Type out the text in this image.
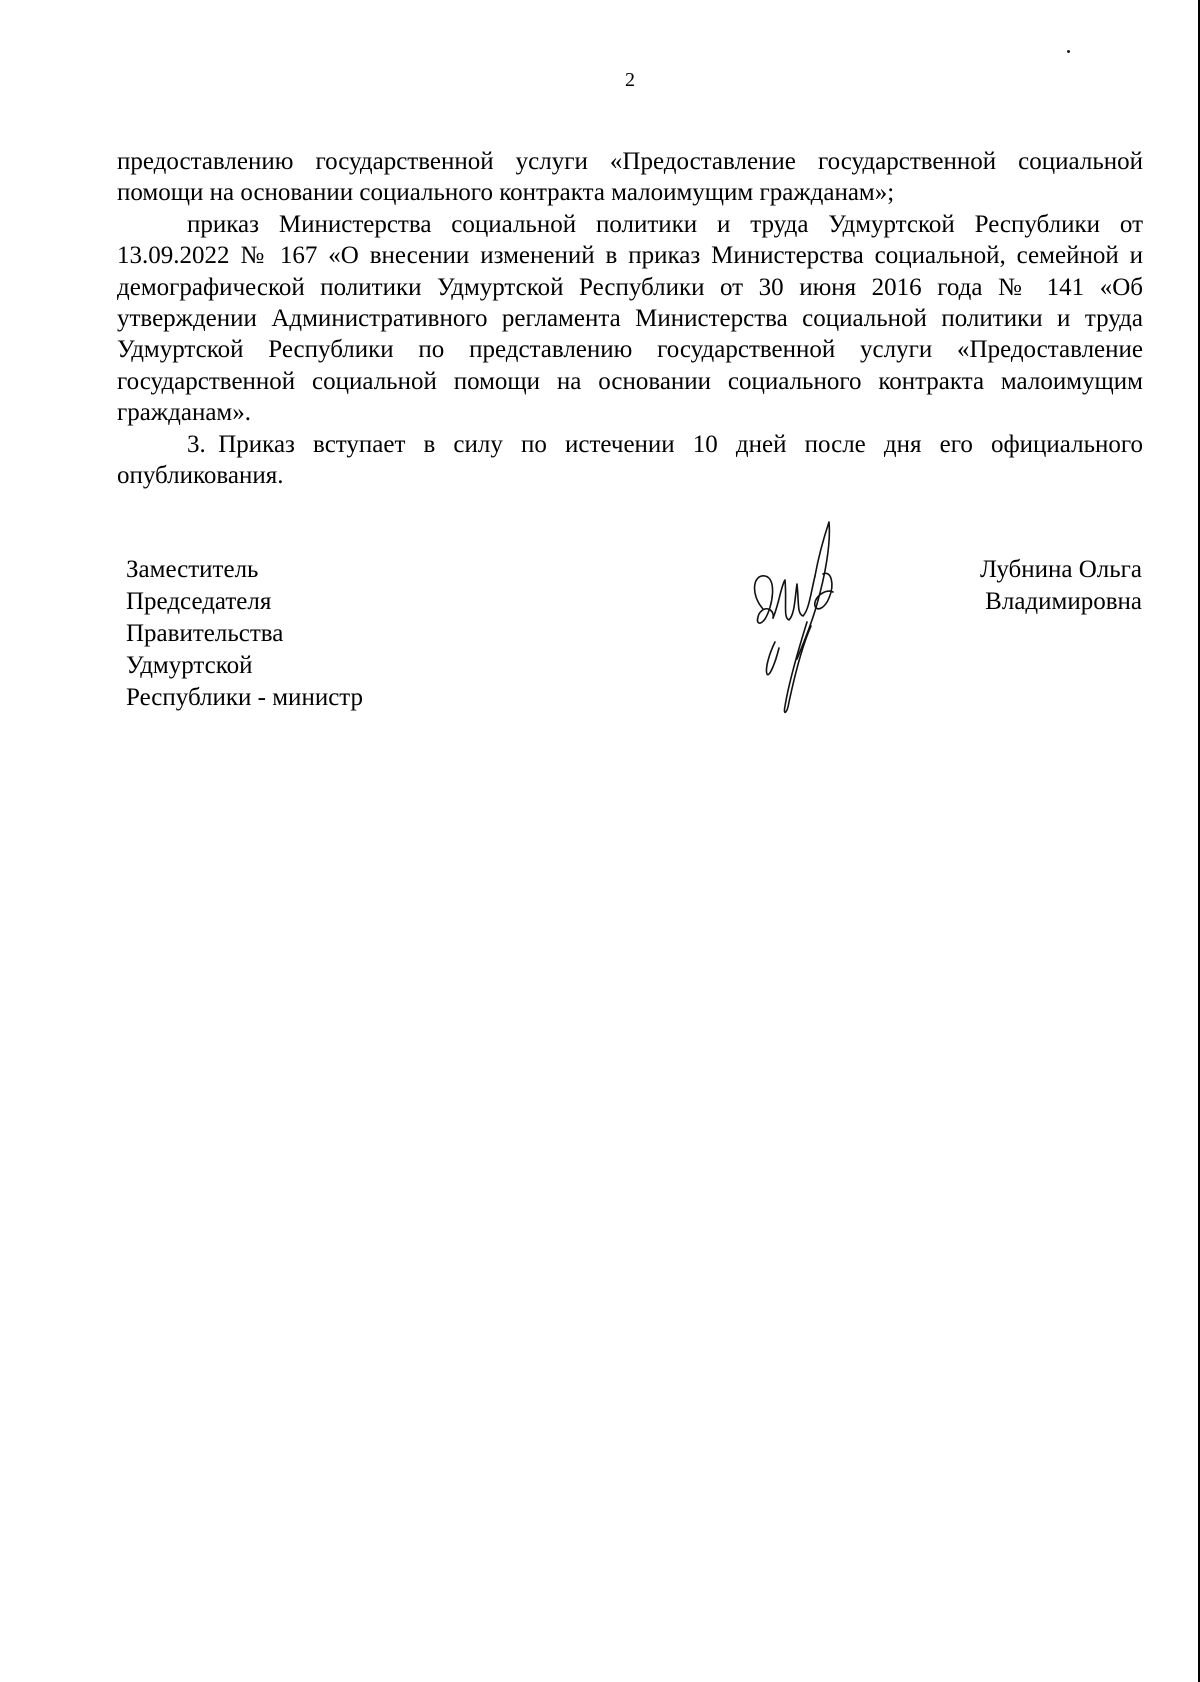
2

предоставлению государственной услуги «Предоставление государственной социальной помощи на основании социального контракта малоимущим гражданам»;

приказ Министерства социальной политики и труда Удмуртской Республики от 13.09.2022 № 167 «О внесении изменений в приказ Министерства социальной, семейной и демографической политики Удмуртской Республики от 30 июня 2016 года № 141 «Об утверждении Административного регламента Министерства социальной политики и труда Удмуртской Республики по представлению государственной услуги «Предоставление государственной социальной помощи на основании социального контракта малоимущим гражданам».

3. Приказ вступает в силу по истечении 10 дней после дня его официального опубликования.

Заместитель
Председателя
Правительства
Удмуртской
Республики - министр
Лубнина Ольга
Владимировна
